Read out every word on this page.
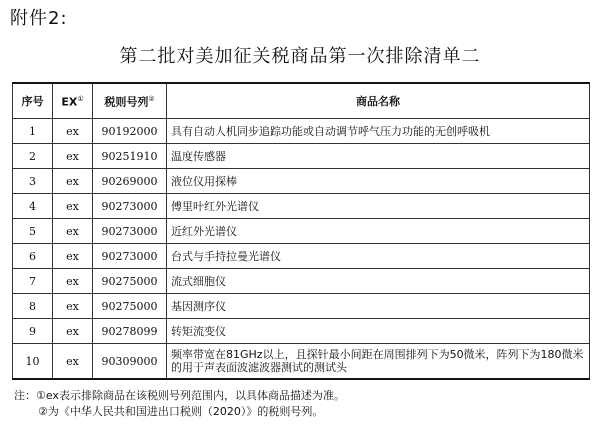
附件2:
第二批对美加征关税商品第一次排除清单二
序号	EX①	税则号列②	商品名称
1	ex	90192000	具有自动人机同步追踪功能或自动调节呼气压力功能的无创呼吸机
2	ex	90251910	温度传感器
3	ex	90269000	液位仪用探棒
4	ex	90273000	傅里叶红外光谱仪
5	ex	90273000	近红外光谱仪
6	ex	90273000	台式与手持拉曼光谱仪
7	ex	90275000	流式细胞仪
8	ex	90275000	基因测序仪
9	ex	90278099	转矩流变仪
10	ex	90309000	频率带宽在81GHz以上，且探针最小间距在周围排列下为50微米，阵列下为180微米的用于声表面波滤波器测试的测试头
注：①ex表示排除商品在该税则号列范围内，以具体商品描述为准。
②为《中华人民共和国进出口税则（2020）》的税则号列。
